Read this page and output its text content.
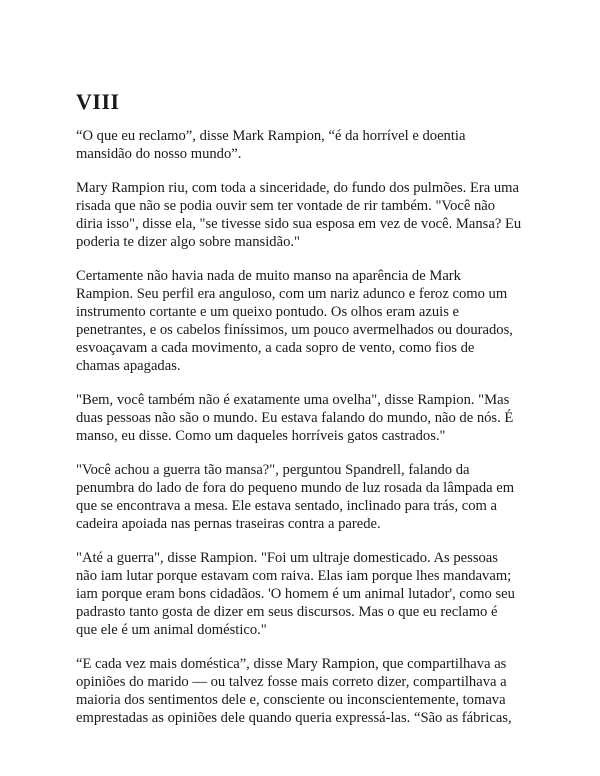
VIII

“O que eu reclamo”, disse Mark Rampion, “é da horrível e doentia
mansidão do nosso mundo”.

Mary Rampion riu, com toda a sinceridade, do fundo dos pulmões. Era uma
risada que não se podia ouvir sem ter vontade de rir também. "Você não
diria isso", disse ela, "se tivesse sido sua esposa em vez de você. Mansa? Eu
poderia te dizer algo sobre mansidão."

Certamente não havia nada de muito manso na aparência de Mark
Rampion. Seu perfil era anguloso, com um nariz adunco e feroz como um
instrumento cortante e um queixo pontudo. Os olhos eram azuis e
penetrantes, e os cabelos finíssimos, um pouco avermelhados ou dourados,
esvoaçavam a cada movimento, a cada sopro de vento, como fios de
chamas apagadas.

"Bem, você também não é exatamente uma ovelha", disse Rampion. "Mas
duas pessoas não são o mundo. Eu estava falando do mundo, não de nós. É
manso, eu disse. Como um daqueles horríveis gatos castrados."

"Você achou a guerra tão mansa?", perguntou Spandrell, falando da
penumbra do lado de fora do pequeno mundo de luz rosada da lâmpada em
que se encontrava a mesa. Ele estava sentado, inclinado para trás, com a
cadeira apoiada nas pernas traseiras contra a parede.

"Até a guerra", disse Rampion. "Foi um ultraje domesticado. As pessoas
não iam lutar porque estavam com raiva. Elas iam porque lhes mandavam;
iam porque eram bons cidadãos. 'O homem é um animal lutador', como seu
padrasto tanto gosta de dizer em seus discursos. Mas o que eu reclamo é
que ele é um animal doméstico."

“E cada vez mais doméstica”, disse Mary Rampion, que compartilhava as
opiniões do marido — ou talvez fosse mais correto dizer, compartilhava a
maioria dos sentimentos dele e, consciente ou inconscientemente, tomava
emprestadas as opiniões dele quando queria expressá-las. “São as fábricas,
